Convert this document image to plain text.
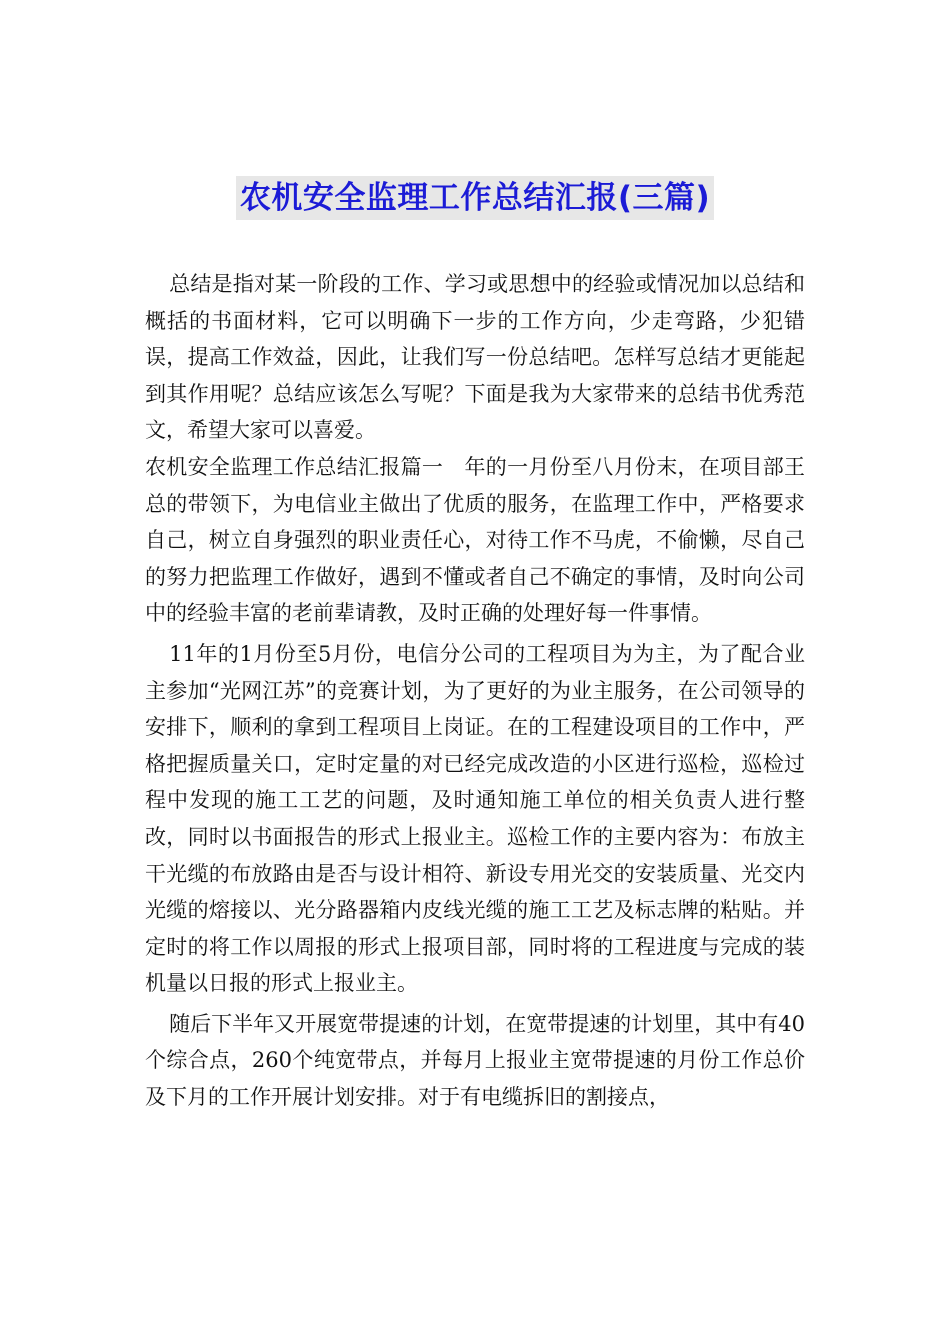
农机安全监理工作总结汇报(三篇)

总结是指对某一阶段的工作、学习或思想中的经验或情况加以总结和概括的书面材料，它可以明确下一步的工作方向，少走弯路，少犯错误，提高工作效益，因此，让我们写一份总结吧。怎样写总结才更能起到其作用呢？总结应该怎么写呢？下面是我为大家带来的总结书优秀范文，希望大家可以喜爱。

农机安全监理工作总结汇报篇一　年的一月份至八月份末，在项目部王总的带领下，为电信业主做出了优质的服务，在监理工作中，严格要求自己，树立自身强烈的职业责任心，对待工作不马虎，不偷懒，尽自己的努力把监理工作做好，遇到不懂或者自己不确定的事情，及时向公司中的经验丰富的老前辈请教，及时正确的处理好每一件事情。

11年的1月份至5月份，电信分公司的工程项目为为主，为了配合业主参加“光网江苏”的竞赛计划，为了更好的为业主服务，在公司领导的安排下，顺利的拿到工程项目上岗证。在的工程建设项目的工作中，严格把握质量关口，定时定量的对已经完成改造的小区进行巡检，巡检过程中发现的施工工艺的问题，及时通知施工单位的相关负责人进行整改，同时以书面报告的形式上报业主。巡检工作的主要内容为：布放主干光缆的布放路由是否与设计相符、新设专用光交的安装质量、光交内光缆的熔接以、光分路器箱内皮线光缆的施工工艺及标志牌的粘贴。并定时的将工作以周报的形式上报项目部，同时将的工程进度与完成的装机量以日报的形式上报业主。

随后下半年又开展宽带提速的计划，在宽带提速的计划里，其中有40个综合点，260个纯宽带点，并每月上报业主宽带提速的月份工作总价及下月的工作开展计划安排。对于有电缆拆旧的割接点，
